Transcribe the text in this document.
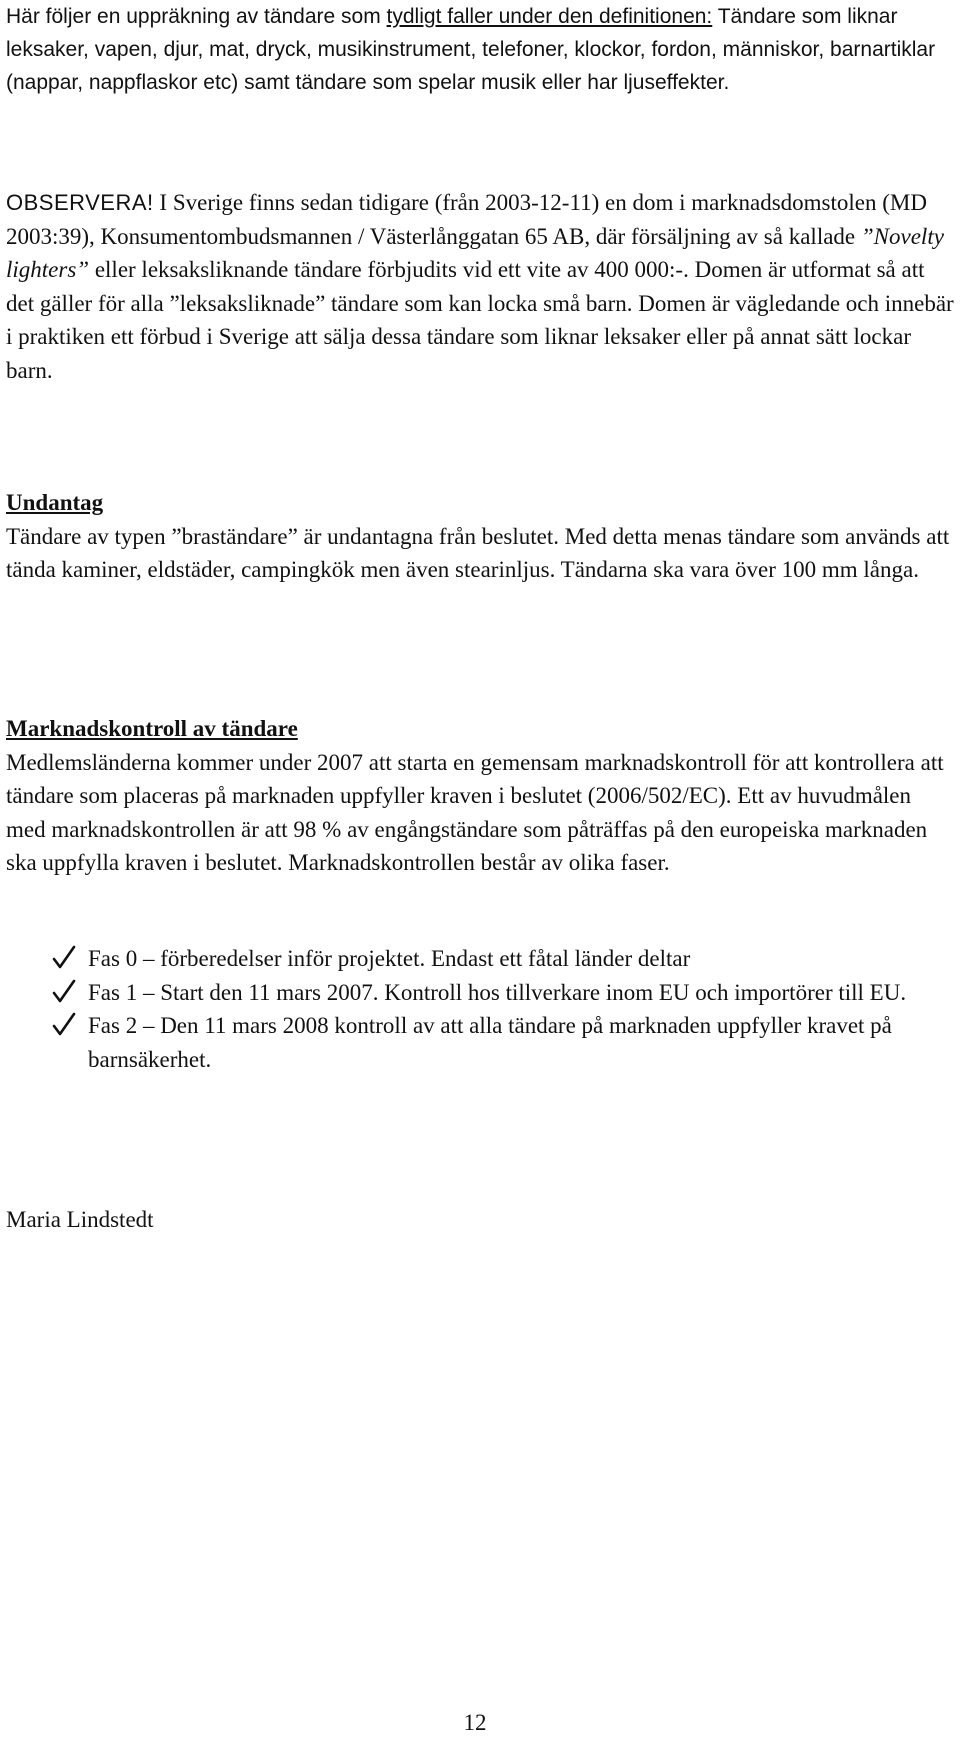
Här följer en uppräkning av tändare som tydligt faller under den definitionen: Tändare som liknar leksaker, vapen, djur, mat, dryck, musikinstrument, telefoner, klockor, fordon, människor, barnartiklar (nappar, nappflaskor etc) samt tändare som spelar musik eller har ljuseffekter.

OBSERVERA! I Sverige finns sedan tidigare (från 2003-12-11) en dom i marknadsdomstolen (MD 2003:39), Konsumentombudsmannen / Västerlånggatan 65 AB, där försäljning av så kallade ”Novelty lighters” eller leksaksliknande tändare förbjudits vid ett vite av 400 000:-. Domen är utformat så att det gäller för alla ”leksaksliknade” tändare som kan locka små barn. Domen är vägledande och innebär i praktiken ett förbud i Sverige att sälja dessa tändare som liknar leksaker eller på annat sätt lockar barn.

Undantag

Tändare av typen ”braständare” är undantagna från beslutet. Med detta menas tändare som används att tända kaminer, eldstäder, campingkök men även stearinljus. Tändarna ska vara över 100 mm långa.

Marknadskontroll av tändare

Medlemsländerna kommer under 2007 att starta en gemensam marknadskontroll för att kontrollera att tändare som placeras på marknaden uppfyller kraven i beslutet (2006/502/EC). Ett av huvudmålen med marknadskontrollen är att 98 % av engångständare som påträffas på den europeiska marknaden ska uppfylla kraven i beslutet. Marknadskontrollen består av olika faser.

Fas 0 – förberedelser inför projektet. Endast ett fåtal länder deltar
Fas 1 – Start den 11 mars 2007. Kontroll hos tillverkare inom EU och importörer till EU.
Fas 2 – Den 11 mars 2008 kontroll av att alla tändare på marknaden uppfyller kravet på barnsäkerhet.

Maria Lindstedt

12
